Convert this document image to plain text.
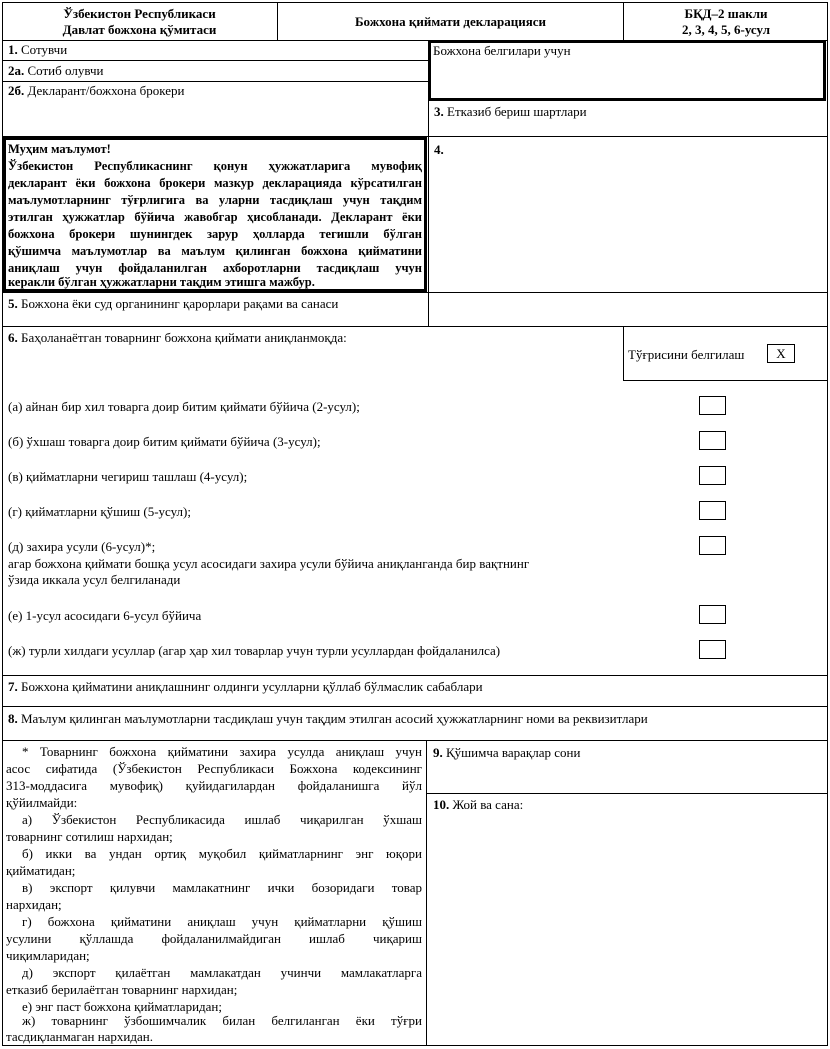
Ўзбекистон Республикаси
Давлат божхона қўмитаси
Божхона қиймати декларацияси
БҚД–2 шакли
2, 3, 4, 5, 6-усул
1. Сотувчи
2а. Сотиб олувчи
2б. Декларант/божхона брокери
Божхона белгилари учун
3. Етказиб бериш шартлари
4.
Муҳим маълумот!
Ўзбекистон Республикаснинг қонун ҳужжатларига мувофиқ
декларант ёки божхона брокери мазкур декларацияда кўрсатилган
маълумотларнинг тўғрлигига ва уларни тасдиқлаш учун тақдим
этилган ҳужжатлар бўйича жавобгар ҳисобланади. Декларант ёки
божхона брокери шунингдек зарур ҳолларда тегишли бўлган
қўшимча маълумотлар ва маълум қилинган божхона қийматини
аниқлаш учун фойдаланилган ахборотларни тасдиқлаш учун
керакли бўлган ҳужжатларни тақдим этишга мажбур.
5. Божхона ёки суд органининг қарорлари рақами ва санаси
6. Баҳоланаётган товарнинг божхона қиймати аниқланмоқда:
Тўғрисини белгилаш	X
(а) айнан бир хил товарга доир битим қиймати бўйича (2-усул);
(б) ўхшаш товарга доир битим қиймати бўйича (3-усул);
(в) қийматларни чегириш ташлаш (4-усул);
(г) қийматларни қўшиш (5-усул);
(д) захира усули (6-усул)*;
агар божхона қиймати бошқа усул асосидаги захира усули бўйича аниқланганда бир вақтнинг
ўзида иккала усул белгиланади
(е) 1-усул асосидаги 6-усул бўйича
(ж) турли хилдаги усуллар (агар ҳар хил товарлар учун турли усуллардан фойдаланилса)
7. Божхона қийматини аниқлашнинг олдинги усулларни қўллаб бўлмаслик сабаблари
8. Маълум қилинган маълумотларни тасдиқлаш учун тақдим этилган асосий ҳужжатларнинг номи ва реквизитлари
9. Қўшимча варақлар сони
10. Жой ва сана:
* Товарнинг божхона қийматини захира усулда аниқлаш учун
асос сифатида (Ўзбекистон Республикаси Божхона кодексининг
313-моддасига мувофиқ) қуйидагилардан фойдаланишга йўл
қўйилмайди:
а) Ўзбекистон Республикасида ишлаб чиқарилган ўхшаш
товарнинг сотилиш нархидан;
б) икки ва ундан ортиқ муқобил қийматларнинг энг юқори
қийматидан;
в) экспорт қилувчи мамлакатнинг ички бозоридаги товар
нархидан;
г) божхона қийматини аниқлаш учун қийматларни қўшиш
усулини қўллашда фойдаланилмайдиган ишлаб чиқариш
чиқимларидан;
д) экспорт қилаётган мамлакатдан учинчи мамлакатларга
етказиб берилаётган товарнинг нархидан;
е) энг паст божхона қийматларидан;
ж) товарнинг ўзбошимчалик билан белгиланган ёки тўғри
тасдиқланмаган нархидан.
